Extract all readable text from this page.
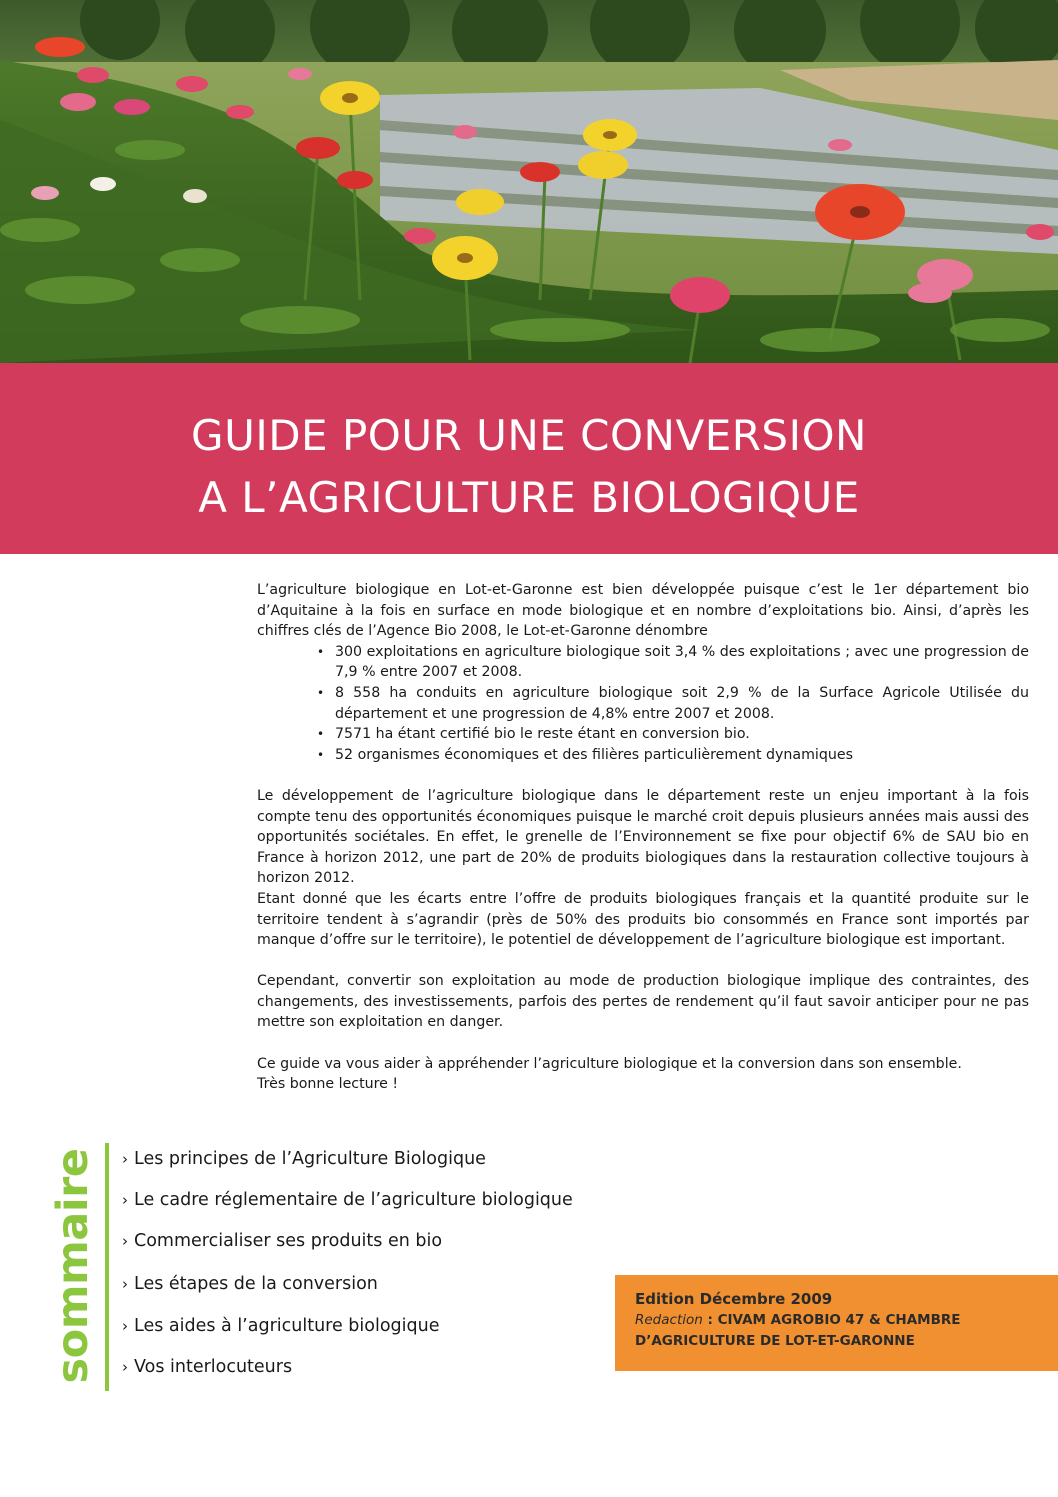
GUIDE POUR UNE CONVERSION
A L’AGRICULTURE BIOLOGIQUE

L’agriculture biologique en Lot-et-Garonne est bien développée puisque c’est le 1er département bio d’Aquitaine à la fois en surface en mode biologique et en nombre d’exploitations bio. Ainsi, d’après les chiffres clés de l’Agence Bio 2008, le Lot-et-Garonne dénombre

• 300 exploitations en agriculture biologique soit 3,4 % des exploitations ; avec une progression de 7,9 % entre 2007 et 2008.
• 8 558 ha conduits en agriculture biologique soit 2,9 % de la Surface Agricole Utilisée du département et une progression de 4,8% entre 2007 et 2008.
• 7571 ha étant certifié bio le reste étant en conversion bio.
• 52 organismes économiques et des filières particulièrement dynamiques

Le développement de l’agriculture biologique dans le département reste un enjeu important à la fois compte tenu des opportunités économiques puisque le marché croit depuis plusieurs années mais aussi des opportunités sociétales. En effet, le grenelle de l’Environnement se fixe pour objectif 6% de SAU bio en France à horizon 2012, une part de 20% de produits biologiques dans la restauration collective toujours à horizon 2012.

Etant donné que les écarts entre l’offre de produits biologiques français et la quantité produite sur le territoire tendent à s’agrandir (près de 50% des produits bio consommés en France sont importés par manque d’offre sur le territoire), le potentiel de développement de l’agriculture biologique est important.

Cependant, convertir son exploitation au mode de production biologique implique des contraintes, des changements, des investissements, parfois des pertes de rendement qu’il faut savoir anticiper pour ne pas mettre son exploitation en danger.

Ce guide va vous aider à appréhender l’agriculture biologique et la conversion dans son ensemble.

Très bonne lecture !

sommaire › Les principes de l’Agriculture Biologique
› Le cadre réglementaire de l’agriculture biologique
› Commercialiser ses produits en bio
› Les étapes de la conversion
› Les aides à l’agriculture biologique
› Vos interlocuteurs
Edition Décembre 2009
Redaction : CIVAM AGROBIO 47 & CHAMBRE
D’AGRICULTURE DE LOT-ET-GARONNE
